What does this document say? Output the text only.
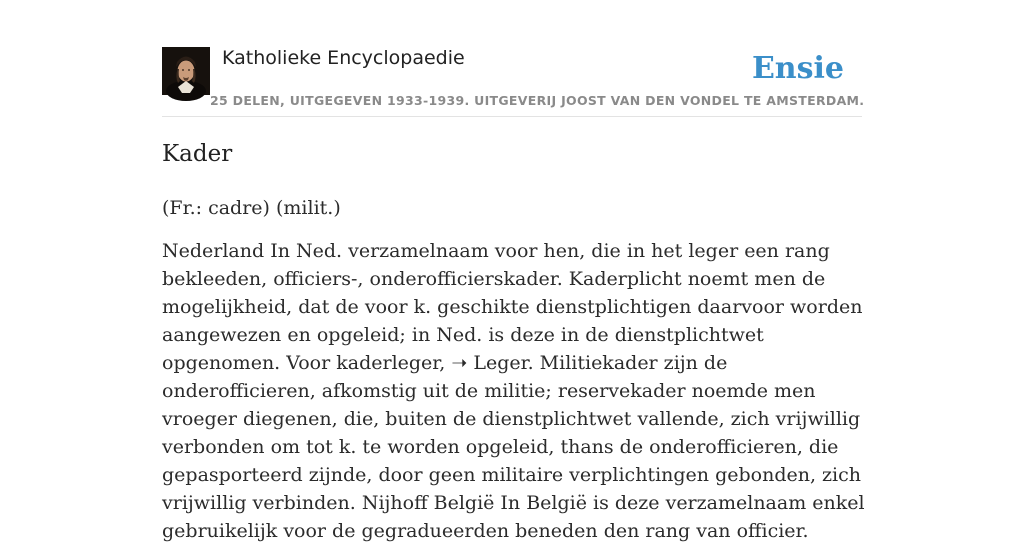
Katholieke Encyclopaedie	Ensie
25 DELEN, UITGEGEVEN 1933-1939. UITGEVERIJ JOOST VAN DEN VONDEL TE AMSTERDAM.
Kader

(Fr.: cadre) (milit.)

Nederland In Ned. verzamelnaam voor hen, die in het leger een rang bekleeden, officiers-, onderofficierskader. Kaderplicht noemt men de mogelijkheid, dat de voor k. geschikte dienstplichtigen daarvoor worden aangewezen en opgeleid; in Ned. is deze in de dienstplichtwet opgenomen. Voor kaderleger, ➝ Leger. Militiekader zijn de onderofficieren, afkomstig uit de militie; reservekader noemde men vroeger diegenen, die, buiten de dienstplichtwet vallende, zich vrijwillig verbonden om tot k. te worden opgeleid, thans de onderofficieren, die gepasporteerd zijnde, door geen militaire verplichtingen gebonden, zich vrijwillig verbinden. Nijhoff België In België is deze verzamelnaam enkel gebruikelijk voor de gegradueerden beneden den rang van officier.
